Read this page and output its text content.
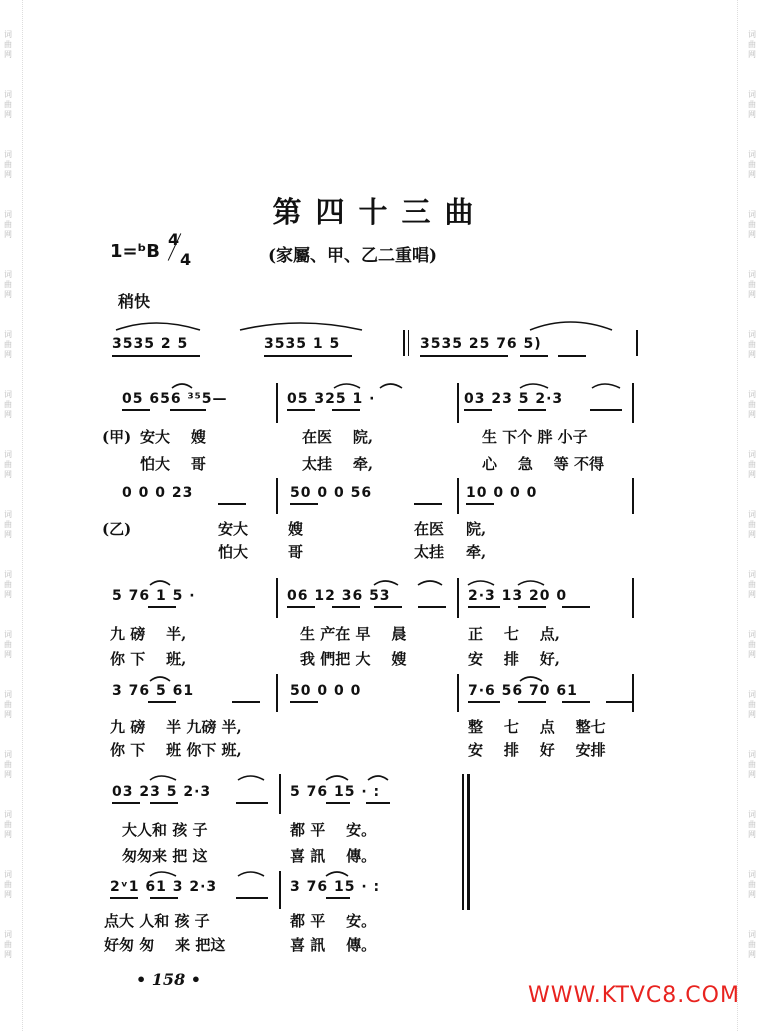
词
曲
网
词
曲
网
词
曲
网
词
曲
网
词
曲
网
词
曲
网
词
曲
网
词
曲
网
词
曲
网
词
曲
网
词
曲
网
词
曲
网
词
曲
网
词
曲
网
词
曲
网
词
曲
网
词
曲
网
词
曲
网
词
曲
网
词
曲
网
词
曲
网
词
曲
网
词
曲
网
词
曲
网
词
曲
网
词
曲
网
词
曲
网
词
曲
网
词
曲
网
词
曲
网
词
曲
网
词
曲
网
第四十三曲
1=ᵇB
4
4	(家屬、甲、乙二重唱)
稍快
3535 2 5	3535 1 5	3535 25 76 5)
05 656 ³⁵5—	05 325 1 ·	03 23 5 2·3
(甲) 安大    嫂	在医    院,	生 下个 胖 小子
怕大    哥	太挂    牵,	心    急    等 不得
0 0 0 23	50 0 0 56	10 0 0 0
(乙)	安大	嫂	在医 院,
怕大	哥	太挂 牵,
5 76 1 5 ·	06 12 36 53	2·3 13 20 0
九 磅    半,	生 产在 早    晨	正    七    点,
你 下    班,	我 們把 大    嫂	安    排    好,
3 76 5 61	50 0 0 0	7·6 56 70 61
九 磅    半 九磅 半,	整    七    点    整七
你 下    班 你下 班,	安    排    好    安排
03 23 5 2·3	5 76 15 · :
大人和 孩 子	都 平    安。
匆匆来 把 这	喜 訊    傳。
2ᵛ1 61 3 2·3	3 76 15 · :
点大 人和 孩 子	都 平    安。
好匆 匆    来 把这	喜 訊    傳。
• 158 •
WWW.KTVC8.COM
